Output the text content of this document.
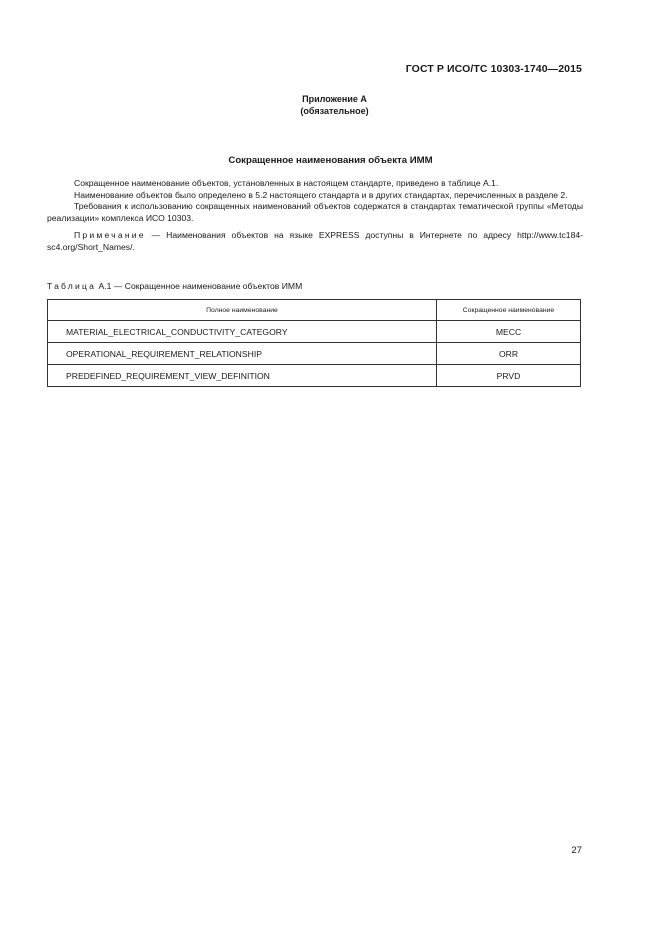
ГОСТ Р ИСО/ТС 10303-1740—2015
Приложение А
(обязательное)
Сокращенное наименования объекта ИММ

Сокращенное наименование объектов, установленных в настоящем стандарте, приведено в таблице А.1.

Наименование объектов было определено в 5.2 настоящего стандарта и в других стандартах, перечисленных в разделе 2.

Требования к использованию сокращенных наименований объектов содержатся в стандартах тематической группы «Методы реализации» комплекса ИСО 10303.

Примечание — Наименования объектов на языке EXPRESS доступны в Интернете по адресу http://www.tc184-sc4.org/Short_Names/.

Таблица А.1 — Сокращенное наименование объектов ИММ
Полное наименование	Сокращенное наименование
MATERIAL_ELECTRICAL_CONDUCTIVITY_CATEGORY	MECC
OPERATIONAL_REQUIREMENT_RELATIONSHIP	ORR
PREDEFINED_REQUIREMENT_VIEW_DEFINITION	PRVD
27
